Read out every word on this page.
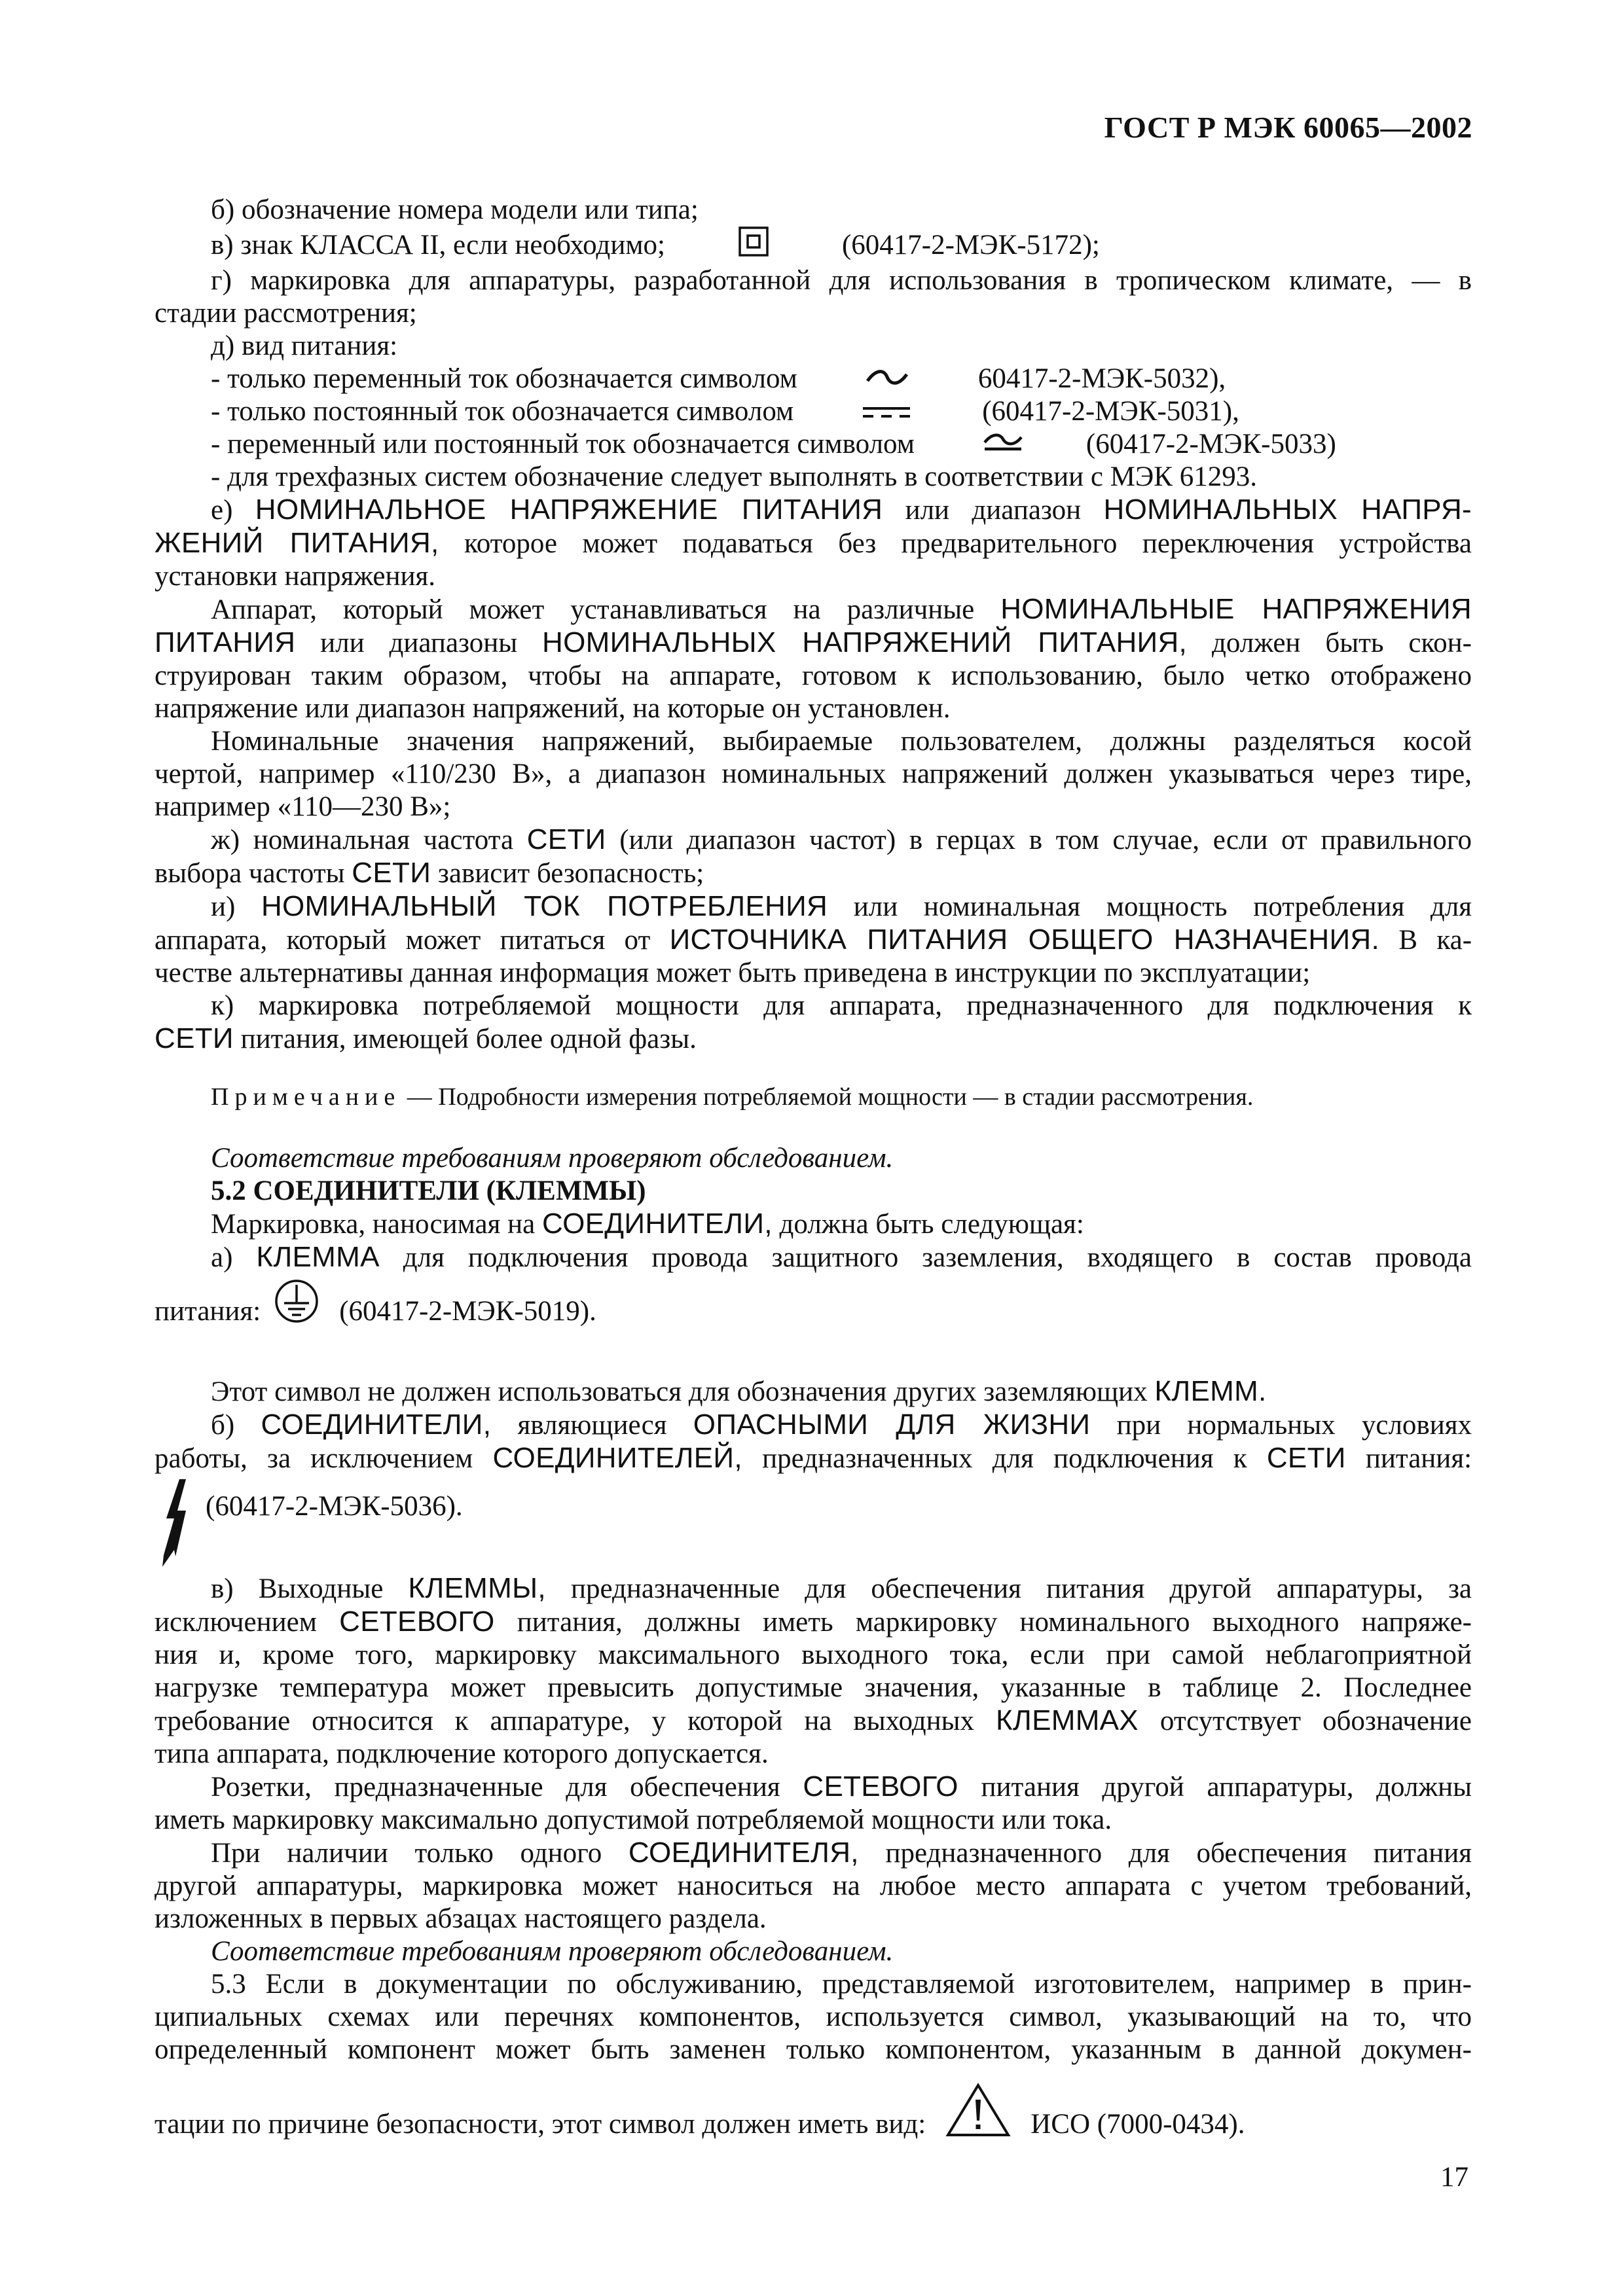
ГОСТ Р МЭК 60065—2002
б) обозначение номера модели или типа;
в) знак КЛАССА II, если необходимо;	(60417-2-МЭК-5172);
г) маркировка для аппаратуры, разработанной для использования в тропическом климате, — в
стадии рассмотрения;
д) вид питания:
- только переменный ток обозначается символом	60417-2-МЭК-5032),
- только постоянный ток обозначается символом	(60417-2-МЭК-5031),
- переменный или постоянный ток обозначается символом	(60417-2-МЭК-5033)
- для трехфазных систем обозначение следует выполнять в соответствии с МЭК 61293.
е) НОМИНАЛЬНОЕ НАПРЯЖЕНИЕ ПИТАНИЯ или диапазон НОМИНАЛЬНЫХ НАПРЯ-
ЖЕНИЙ ПИТАНИЯ, которое может подаваться без предварительного переключения устройства
установки напряжения.
Аппарат, который может устанавливаться на различные НОМИНАЛЬНЫЕ НАПРЯЖЕНИЯ
ПИТАНИЯ или диапазоны НОМИНАЛЬНЫХ НАПРЯЖЕНИЙ ПИТАНИЯ, должен быть скон-
струирован таким образом, чтобы на аппарате, готовом к использованию, было четко отображено
напряжение или диапазон напряжений, на которые он установлен.
Номинальные значения напряжений, выбираемые пользователем, должны разделяться косой
чертой, например «110/230 В», а диапазон номинальных напряжений должен указываться через тире,
например «110—230 В»;
ж) номинальная частота СЕТИ (или диапазон частот) в герцах в том случае, если от правильного
выбора частоты СЕТИ зависит безопасность;
и) НОМИНАЛЬНЫЙ ТОК ПОТРЕБЛЕНИЯ или номинальная мощность потребления для
аппарата, который может питаться от ИСТОЧНИКА ПИТАНИЯ ОБЩЕГО НАЗНАЧЕНИЯ. В ка-
честве альтернативы данная информация может быть приведена в инструкции по эксплуатации;
к) маркировка потребляемой мощности для аппарата, предназначенного для подключения к
СЕТИ питания, имеющей более одной фазы.
Примечание — Подробности измерения потребляемой мощности — в стадии рассмотрения.
Соответствие требованиям проверяют обследованием.
5.2 СОЕДИНИТЕЛИ (КЛЕММЫ)
Маркировка, наносимая на СОЕДИНИТЕЛИ, должна быть следующая:
а) КЛЕММА для подключения провода защитного заземления, входящего в состав провода
питания:	(60417-2-МЭК-5019).
Этот символ не должен использоваться для обозначения других заземляющих КЛЕММ.
б) СОЕДИНИТЕЛИ, являющиеся ОПАСНЫМИ ДЛЯ ЖИЗНИ при нормальных условиях
работы, за исключением СОЕДИНИТЕЛЕЙ, предназначенных для подключения к СЕТИ питания:
(60417-2-МЭК-5036).
в) Выходные КЛЕММЫ, предназначенные для обеспечения питания другой аппаратуры, за
исключением СЕТЕВОГО питания, должны иметь маркировку номинального выходного напряже-
ния и, кроме того, маркировку максимального выходного тока, если при самой неблагоприятной
нагрузке температура может превысить допустимые значения, указанные в таблице 2. Последнее
требование относится к аппаратуре, у которой на выходных КЛЕММАХ отсутствует обозначение
типа аппарата, подключение которого допускается.
Розетки, предназначенные для обеспечения СЕТЕВОГО питания другой аппаратуры, должны
иметь маркировку максимально допустимой потребляемой мощности или тока.
При наличии только одного СОЕДИНИТЕЛЯ, предназначенного для обеспечения питания
другой аппаратуры, маркировка может наноситься на любое место аппарата с учетом требований,
изложенных в первых абзацах настоящего раздела.
Соответствие требованиям проверяют обследованием.
5.3 Если в документации по обслуживанию, представляемой изготовителем, например в прин-
ципиальных схемах или перечнях компонентов, используется символ, указывающий на то, что
определенный компонент может быть заменен только компонентом, указанным в данной докумен-
тации по причине безопасности, этот символ должен иметь вид:	ИСО (7000-0434).
17
